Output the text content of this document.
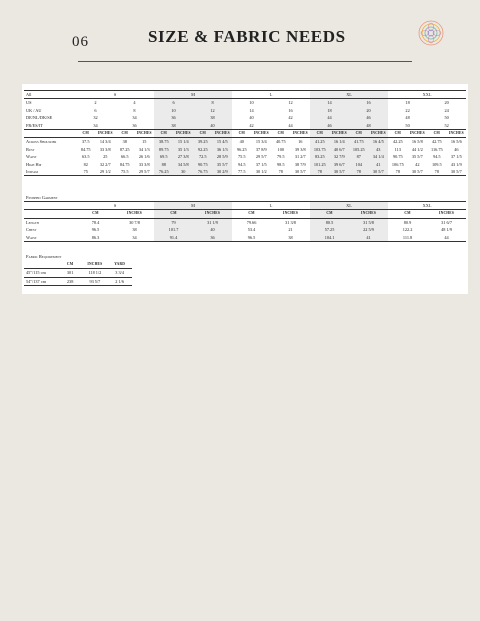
06	SIZE & FABRIC NEEDS
All	S				M				L				XL				XXL			
US	2		4		6		8		10		12		14		16		18		20	
UK / AU	6		8		10		12		14		16		18		20		22		24	
DE/NL/DK/SE	32		34		36		38		40		42		44		46		48		50	
FR/ES/IT	34		36		38		40		42		44		46		48		50		52	
	CM	INCHES	CM	INCHES	CM	INCHES	CM	INCHES	CM	INCHES	CM	INCHES	CM	INCHES	CM	INCHES	CM	INCHES	CM	INCHES
Across Shoulder	37.5	14 3/4	38	15	38.75	15 1/4	39.25	15 4/5	40	15 3/4	40.75	16	41.25	16 1/4	41.75	16 4/5	42.25	16 5/8	42.75	16 5/6
Bust	84.75	33 3/8	87.25	34 1/3	89.75	35 1/3	92.25	36 1/3	96.25	37 8/9	100	39 3/8	103.75	40 6/7	105.25	43	113	44 1/2	116.75	46
Waist	63.5	25	66.5	26 1/6	69.5	27 3/8	72.5	28 5/9	75.5	29 5/7	79.5	31 2/7	83.25	32 7/9	87	34 1/4	90.75	35 5/7	94.5	37 1/5
High Hip	82	32 2/7	84.75	33 3/8	88	34 5/8	90.75	35 5/7	94.5	37 1/5	98.5	38 7/9	101.25	39 6/7	104	41	106.75	42	109.5	43 1/9
Inseam	75	29 1/2	75.5	29 5/7	76.25	30	76.75	30 2/9	77.5	30 1/2	78	30 5/7	78	30 5/7	78	30 5/7	78	30 5/7	78	30 5/7
Finished Garment
	S		M		L		XL		XXL	
	CM	INCHES	CM	INCHES	CM	INCHES	CM	INCHES	CM	INCHES
Length	78.4	30 7/8	79	31 1/9	79.66	31 3/8	80.5	31 5/8	80.9	31 6/7
Chest	96.5	38	101.7	40	53.4	21	57.25	22 5/9	122.2	48 1/9
Waist	86.3	34	91.4	36	96.5	38	104.1	41	111.8	44
Fabric Requirement
	CM	INCHES	YARD
45"/115 cm	301	118 1/2	3 3/4
54"/137 cm	238	93 5/7	2 1/6
